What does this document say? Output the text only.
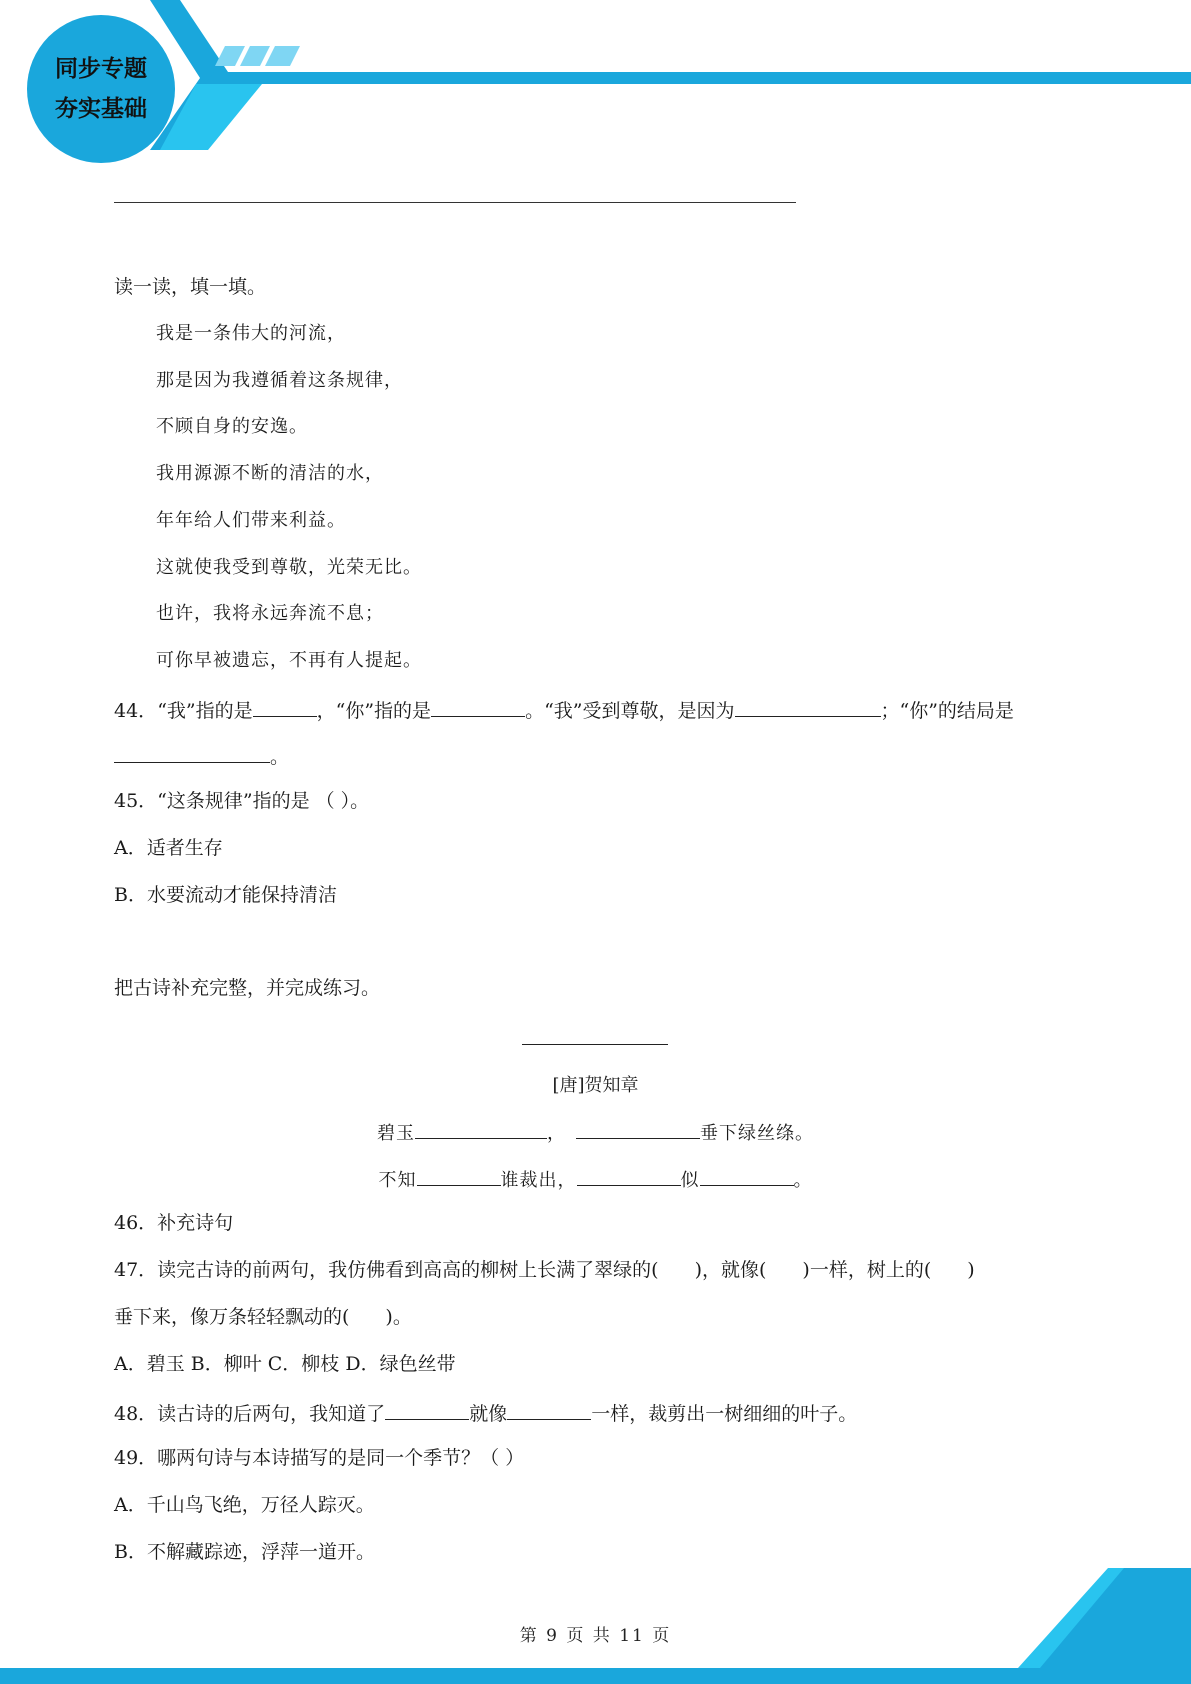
同步专题
夯实基础
读一读，填一填。
我是一条伟大的河流，
那是因为我遵循着这条规律，
不顾自身的安逸。
我用源源不断的清洁的水，
年年给人们带来利益。
这就使我受到尊敬，光荣无比。
也许，我将永远奔流不息；
可你早被遗忘，不再有人提起。
44．“我”指的是	，“你”指的是	。“我”受到尊敬，是因为	；“你”的结局是
。
45．“这条规律”指的是 （ ）。
A．适者生存
B．水要流动才能保持清洁
把古诗补充完整，并完成练习。
[唐]贺知章
碧玉	，	垂下绿丝绦。
不知	谁裁出，	似	。
46．补充诗句
47．读完古诗的前两句，我仿佛看到高高的柳树上长满了翠绿的( )，就像( )一样，树上的( )
垂下来，像万条轻轻飘动的( )。
A．碧玉 B．柳叶 C．柳枝 D．绿色丝带
48．读古诗的后两句，我知道了	就像	一样，裁剪出一树细细的叶子。
49．哪两句诗与本诗描写的是同一个季节？（ ）
A．千山鸟飞绝，万径人踪灭。
B．不解藏踪迹，浮萍一道开。
第 9 页 共 11 页
